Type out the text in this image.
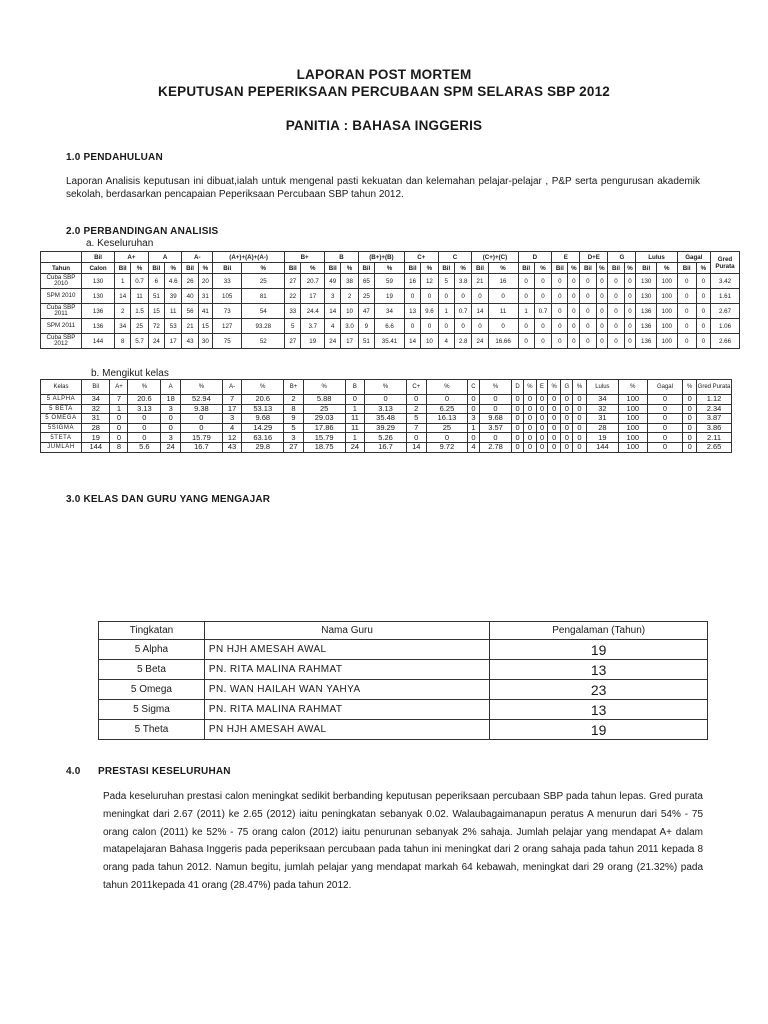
LAPORAN POST MORTEM
KEPUTUSAN PEPERIKSAAN PERCUBAAN SPM SELARAS SBP 2012
PANITIA : BAHASA INGGERIS
1.0 PENDAHULUAN
Laporan Analisis keputusan ini dibuat,ialah untuk mengenal pasti kekuatan dan kelemahan pelajar-pelajar , P&P serta pengurusan akademik sekolah, berdasarkan pencapaian Peperiksaan Percubaan SBP tahun 2012.
2.0 PERBANDINGAN ANALISIS
a. Keseluruhan
	Bil	A+		A		A-		(A+)+(A)+(A-)		B+		B		(B+)+(B)		C+		C		(C+)+(C)		D		E		D+E		G		Lulus		Gagal		Gred Purata
Tahun	Calon	Bil	%	Bil	%	Bil	%	Bil	%	Bil	%	Bil	%	Bil	%	Bil	%	Bil	%	Bil	%	Bil	%	Bil	%	Bil	%	Bil	%	Bil	%	Bil	%	
Cuba SBP 2010	130	1	0.7	6	4.6	26	20	33	25	27	20.7	49	38	65	59	16	12	5	3.8	21	16	0	0	0	0	0	0	0	0	130	100	0	0	3.42
SPM 2010	130	14	11	51	39	40	31	105	81	22	17	3	2	25	19	0	0	0	0	0	0	0	0	0	0	0	0	0	0	130	100	0	0	1.61
Cuba SBP 2011	136	2	1.5	15	11	56	41	73	54	33	24.4	14	10	47	34	13	9.6	1	0.7	14	11	1	0.7	0	0	0	0	0	0	136	100	0	0	2.67
SPM 2011	136	34	25	72	53	21	15	127	93.28	5	3.7	4	3.0	9	6.6	0	0	0	0	0	0	0	0	0	0	0	0	0	0	136	100	0	0	1.06
Cuba SBP 2012	144	8	5.7	24	17	43	30	75	52	27	19	24	17	51	35.41	14	10	4	2.8	24	16.66	0	0	0	0	0	0	0	0	136	100	0	0	2.66
b. Mengikut kelas
Kelas	Bil	A+	%	A	%	A-	%	B+	%	B	%	C+	%	C	%	D	%	E	%	G	%	Lulus	%	Gagal	%	Gred Purata
5 ALPHA	34	7	20.6	18	52.94	7	20.6	2	5.88	0	0	0	0	0	0	0	0	0	0	0	0	34	100	0	0	1.12
5 BETA	32	1	3.13	3	9.38	17	53.13	8	25	1	3.13	2	6.25	0	0	0	0	0	0	0	0	32	100	0	0	2.34
5 OMEGA	31	0	0	0	0	3	9.68	9	29.03	11	35.48	5	16.13	3	9.68	0	0	0	0	0	0	31	100	0	0	3.87
5SIGMA	28	0	0	0	0	4	14.29	5	17.86	11	39.29	7	25	1	3.57	0	0	0	0	0	0	28	100	0	0	3.86
5TETA	19	0	0	3	15.79	12	63.16	3	15.79	1	5.26	0	0	0	0	0	0	0	0	0	0	19	100	0	0	2.11
JUMLAH	144	8	5.6	24	16.7	43	29.8	27	18.75	24	16.7	14	9.72	4	2.78	0	0	0	0	0	0	144	100	0	0	2.65
3.0 KELAS DAN GURU YANG MENGAJAR
Tingkatan	Nama Guru	Pengalaman (Tahun)
5 Alpha	PN HJH AMESAH AWAL	19
5 Beta	PN. RITA MALINA RAHMAT	13
5 Omega	PN. WAN HAILAH WAN YAHYA	23
5 Sigma	PN. RITA MALINA RAHMAT	13
5 Theta	PN HJH AMESAH AWAL	19
4.0 PRESTASI KESELURUHAN
Pada keseluruhan prestasi calon meningkat sedikit berbanding keputusan peperiksaan percubaan SBP pada tahun lepas. Gred purata meningkat dari 2.67 (2011) ke 2.65 (2012) iaitu peningkatan sebanyak 0.02. Walaubagaimanapun peratus A menurun dari 54% - 75 orang calon (2011) ke 52% - 75 orang calon (2012) iaitu penurunan sebanyak 2% sahaja. Jumlah pelajar yang mendapat A+ dalam matapelajaran Bahasa Inggeris pada peperiksaan percubaan pada tahun ini meningkat dari 2 orang sahaja pada tahun 2011 kepada 8 orang pada tahun 2012. Namun begitu, jumlah pelajar yang mendapat markah 64 kebawah, meningkat dari 29 orang (21.32%) pada tahun 2011kepada 41 orang (28.47%) pada tahun 2012.
